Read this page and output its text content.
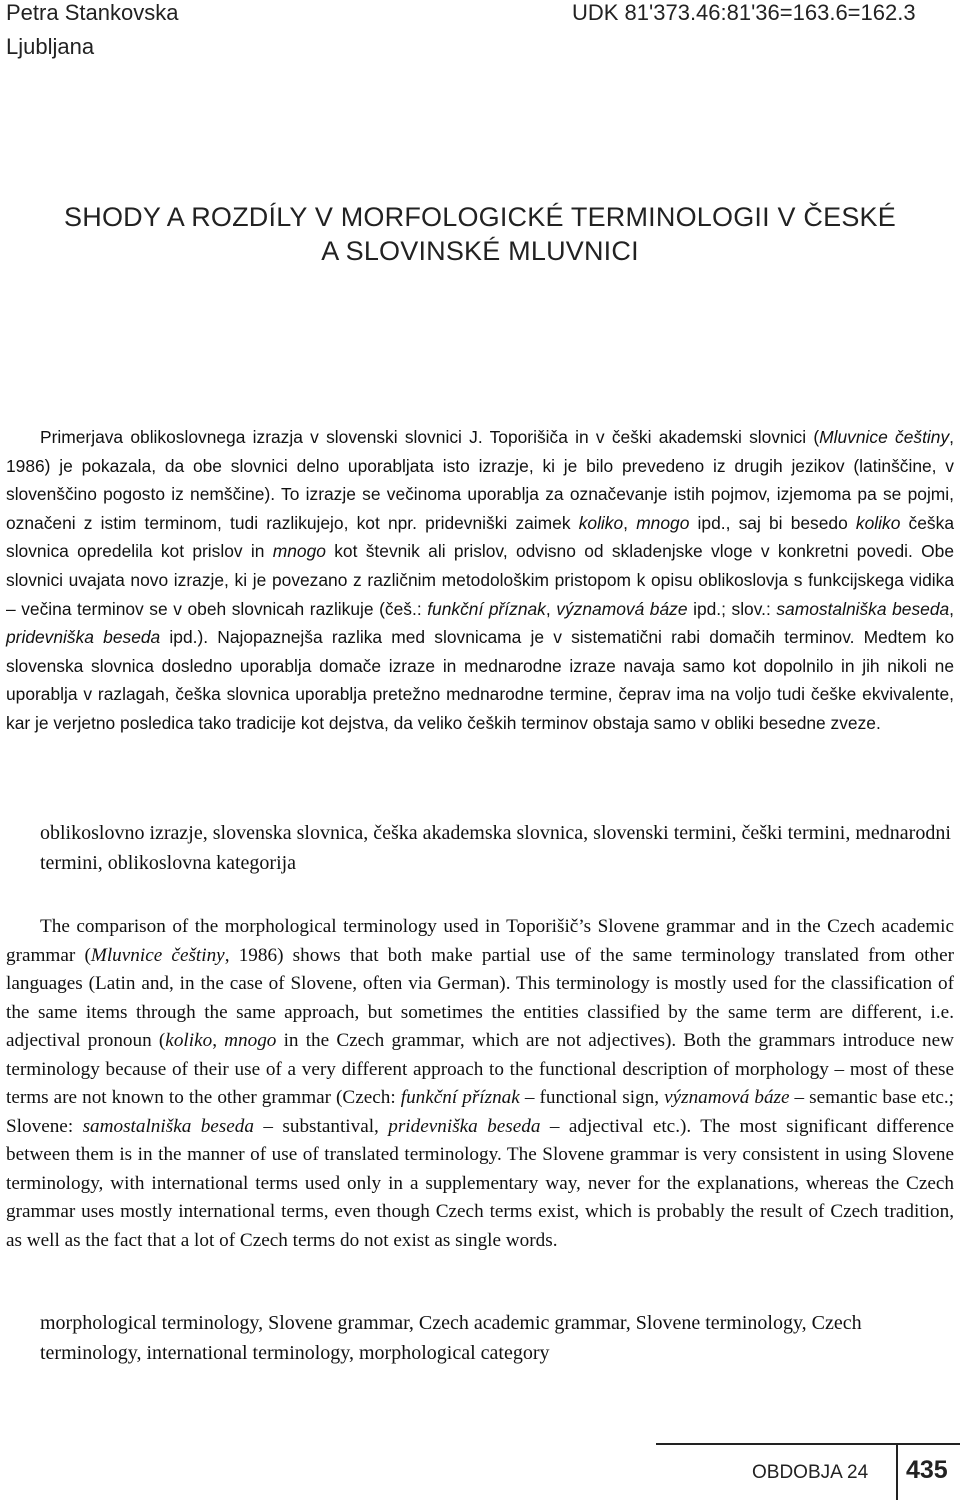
Petra Stankovska
Ljubljana
UDK 81'373.46:81'36=163.6=162.3
SHODY A ROZDÍLY V MORFOLOGICKÉ TERMINOLOGII V ČESKÉ
A SLOVINSKÉ MLUVNICI
Primerjava oblikoslovnega izrazja v slovenski slovnici J. Toporišiča in v češki akademski slovnici (Mluvnice češtiny, 1986) je pokazala, da obe slovnici delno uporabljata isto izrazje, ki je bilo prevedeno iz drugih jezikov (latinščine, v slovenščino pogosto iz nemščine). To izrazje se večinoma uporablja za označevanje istih pojmov, izjemoma pa se pojmi, označeni z istim terminom, tudi razlikujejo, kot npr. pridevniški zaimek koliko, mnogo ipd., saj bi besedo koliko češka slovnica opredelila kot prislov in mnogo kot števnik ali prislov, odvisno od skladenjske vloge v konkretni povedi. Obe slovnici uvajata novo izrazje, ki je povezano z različnim metodološkim pristopom k opisu oblikoslovja s funkcijskega vidika – večina terminov se v obeh slovnicah razlikuje (češ.: funkční příznak, významová báze ipd.; slov.: samostalniška beseda, pridevniška beseda ipd.). Najopaznejša razlika med slovnicama je v sistematični rabi domačih terminov. Medtem ko slovenska slovnica dosledno uporablja domače izraze in mednarodne izraze navaja samo kot dopolnilo in jih nikoli ne uporablja v razlagah, češka slovnica uporablja pretežno mednarodne termine, čeprav ima na voljo tudi češke ekvivalente, kar je verjetno posledica tako tradicije kot dejstva, da veliko čeških terminov obstaja samo v obliki besedne zveze.
oblikoslovno izrazje, slovenska slovnica, češka akademska slovnica, slovenski termini, češki termini, mednarodni termini, oblikoslovna kategorija
The comparison of the morphological terminology used in Toporišič’s Slovene grammar and in the Czech academic grammar (Mluvnice češtiny, 1986) shows that both make partial use of the same terminology translated from other languages (Latin and, in the case of Slovene, often via German). This terminology is mostly used for the classification of the same items through the same approach, but sometimes the entities classified by the same term are different, i.e. adjectival pronoun (koliko, mnogo in the Czech grammar, which are not adjectives). Both the grammars introduce new terminology because of their use of a very different approach to the functional description of morphology – most of these terms are not known to the other grammar (Czech: funkční příznak – functional sign, významová báze – semantic base etc.; Slovene: samostalniška beseda – substantival, pridevniška beseda – adjectival etc.). The most significant difference between them is in the manner of use of translated terminology. The Slovene grammar is very consistent in using Slovene terminology, with international terms used only in a supplementary way, never for the explanations, whereas the Czech grammar uses mostly international terms, even though Czech terms exist, which is probably the result of Czech tradition, as well as the fact that a lot of Czech terms do not exist as single words.
morphological terminology, Slovene grammar, Czech academic grammar, Slovene terminology, Czech terminology, international terminology, morphological category
OBDOBJA 24 435
